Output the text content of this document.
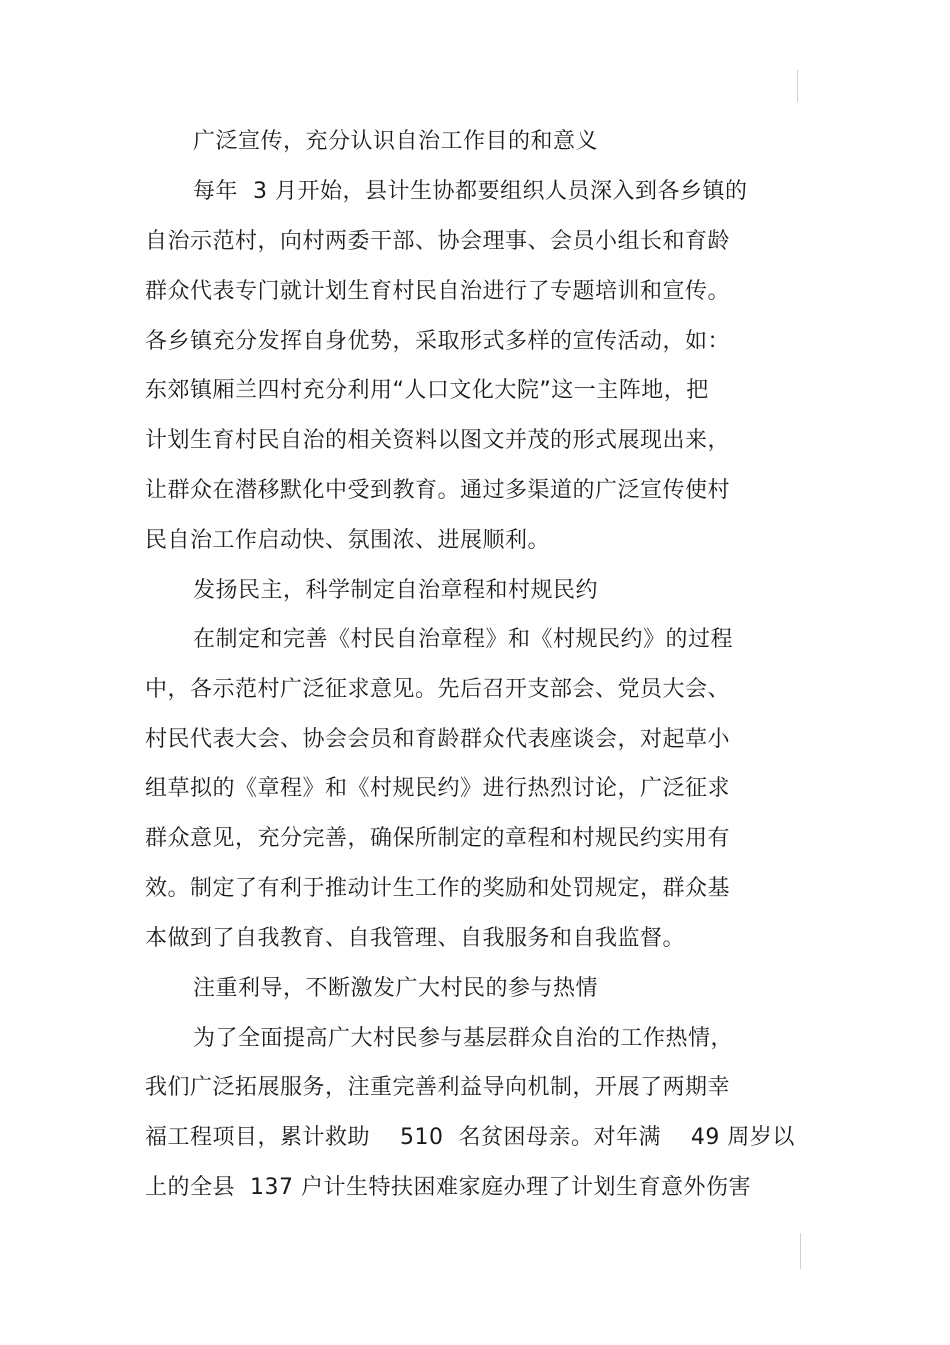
广泛宣传，充分认识自治工作目的和意义
每年  3 月开始，县计生协都要组织人员深入到各乡镇的
自治示范村，向村两委干部、协会理事、会员小组长和育龄
群众代表专门就计划生育村民自治进行了专题培训和宣传。
各乡镇充分发挥自身优势，采取形式多样的宣传活动，如：
东郊镇厢兰四村充分利用“人口文化大院”这一主阵地，把
计划生育村民自治的相关资料以图文并茂的形式展现出来，
让群众在潜移默化中受到教育。通过多渠道的广泛宣传使村
民自治工作启动快、氛围浓、进展顺利。
发扬民主，科学制定自治章程和村规民约
在制定和完善《村民自治章程》和《村规民约》的过程
中，各示范村广泛征求意见。先后召开支部会、党员大会、
村民代表大会、协会会员和育龄群众代表座谈会，对起草小
组草拟的《章程》和《村规民约》进行热烈讨论，广泛征求
群众意见，充分完善，确保所制定的章程和村规民约实用有
效。制定了有利于推动计生工作的奖励和处罚规定，群众基
本做到了自我教育、自我管理、自我服务和自我监督。
注重利导，不断激发广大村民的参与热情
为了全面提高广大村民参与基层群众自治的工作热情，
我们广泛拓展服务，注重完善利益导向机制，开展了两期幸
福工程项目，累计救助    510  名贫困母亲。对年满    49 周岁以
上的全县  137 户计生特扶困难家庭办理了计划生育意外伤害
